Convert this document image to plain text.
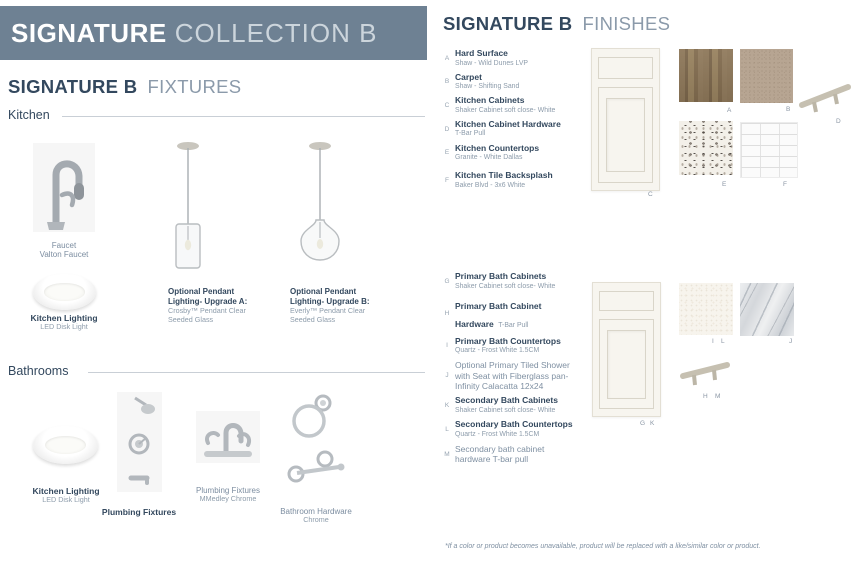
SIGNATURE COLLECTION B
SIGNATURE B FIXTURES
Kitchen
Faucet
Valton Faucet
Kitchen Lighting
LED Disk Light
Optional Pendant Lighting- Upgrade A:
Crosby™ Pendant Clear Seeded Glass
Optional Pendant Lighting- Upgrade B:
Everly™ Pendant Clear Seeded Glass
Bathrooms
Kitchen Lighting
LED Disk Light
Plumbing Fixtures
Plumbing Fixtures
MMedley Chrome
Bathroom Hardware
Chrome
SIGNATURE B FINISHES
A
Hard Surface
Shaw - Wild Dunes LVP
B
Carpet
Shaw - Shifting Sand
C
Kitchen Cabinets
Shaker Cabinet soft close- White
D
Kitchen Cabinet Hardware
T-Bar Pull
E
Kitchen Countertops
Granite - White Dallas
F
Kitchen Tile Backsplash
Baker Blvd - 3x6 White
C
A	B
D
E	F
G
Primary Bath Cabinets
Shaker Cabinet soft close- White
H
Primary Bath Cabinet Hardware T-Bar Pull
I
Primary Bath Countertops
Quartz - Frost White 1.5CM
J
Optional Primary Tiled Shower with Seat with Fiberglass pan- Infinity Calacatta 12x24
K
Secondary Bath Cabinets
Shaker Cabinet soft close- White
L
Secondary Bath Countertops
Quartz - Frost White 1.5CM
M
Secondary bath cabinet hardware T-bar pull
G K
I L	J
H M
*If a color or product becomes unavailable, product will be replaced with a like/similar color or product.
